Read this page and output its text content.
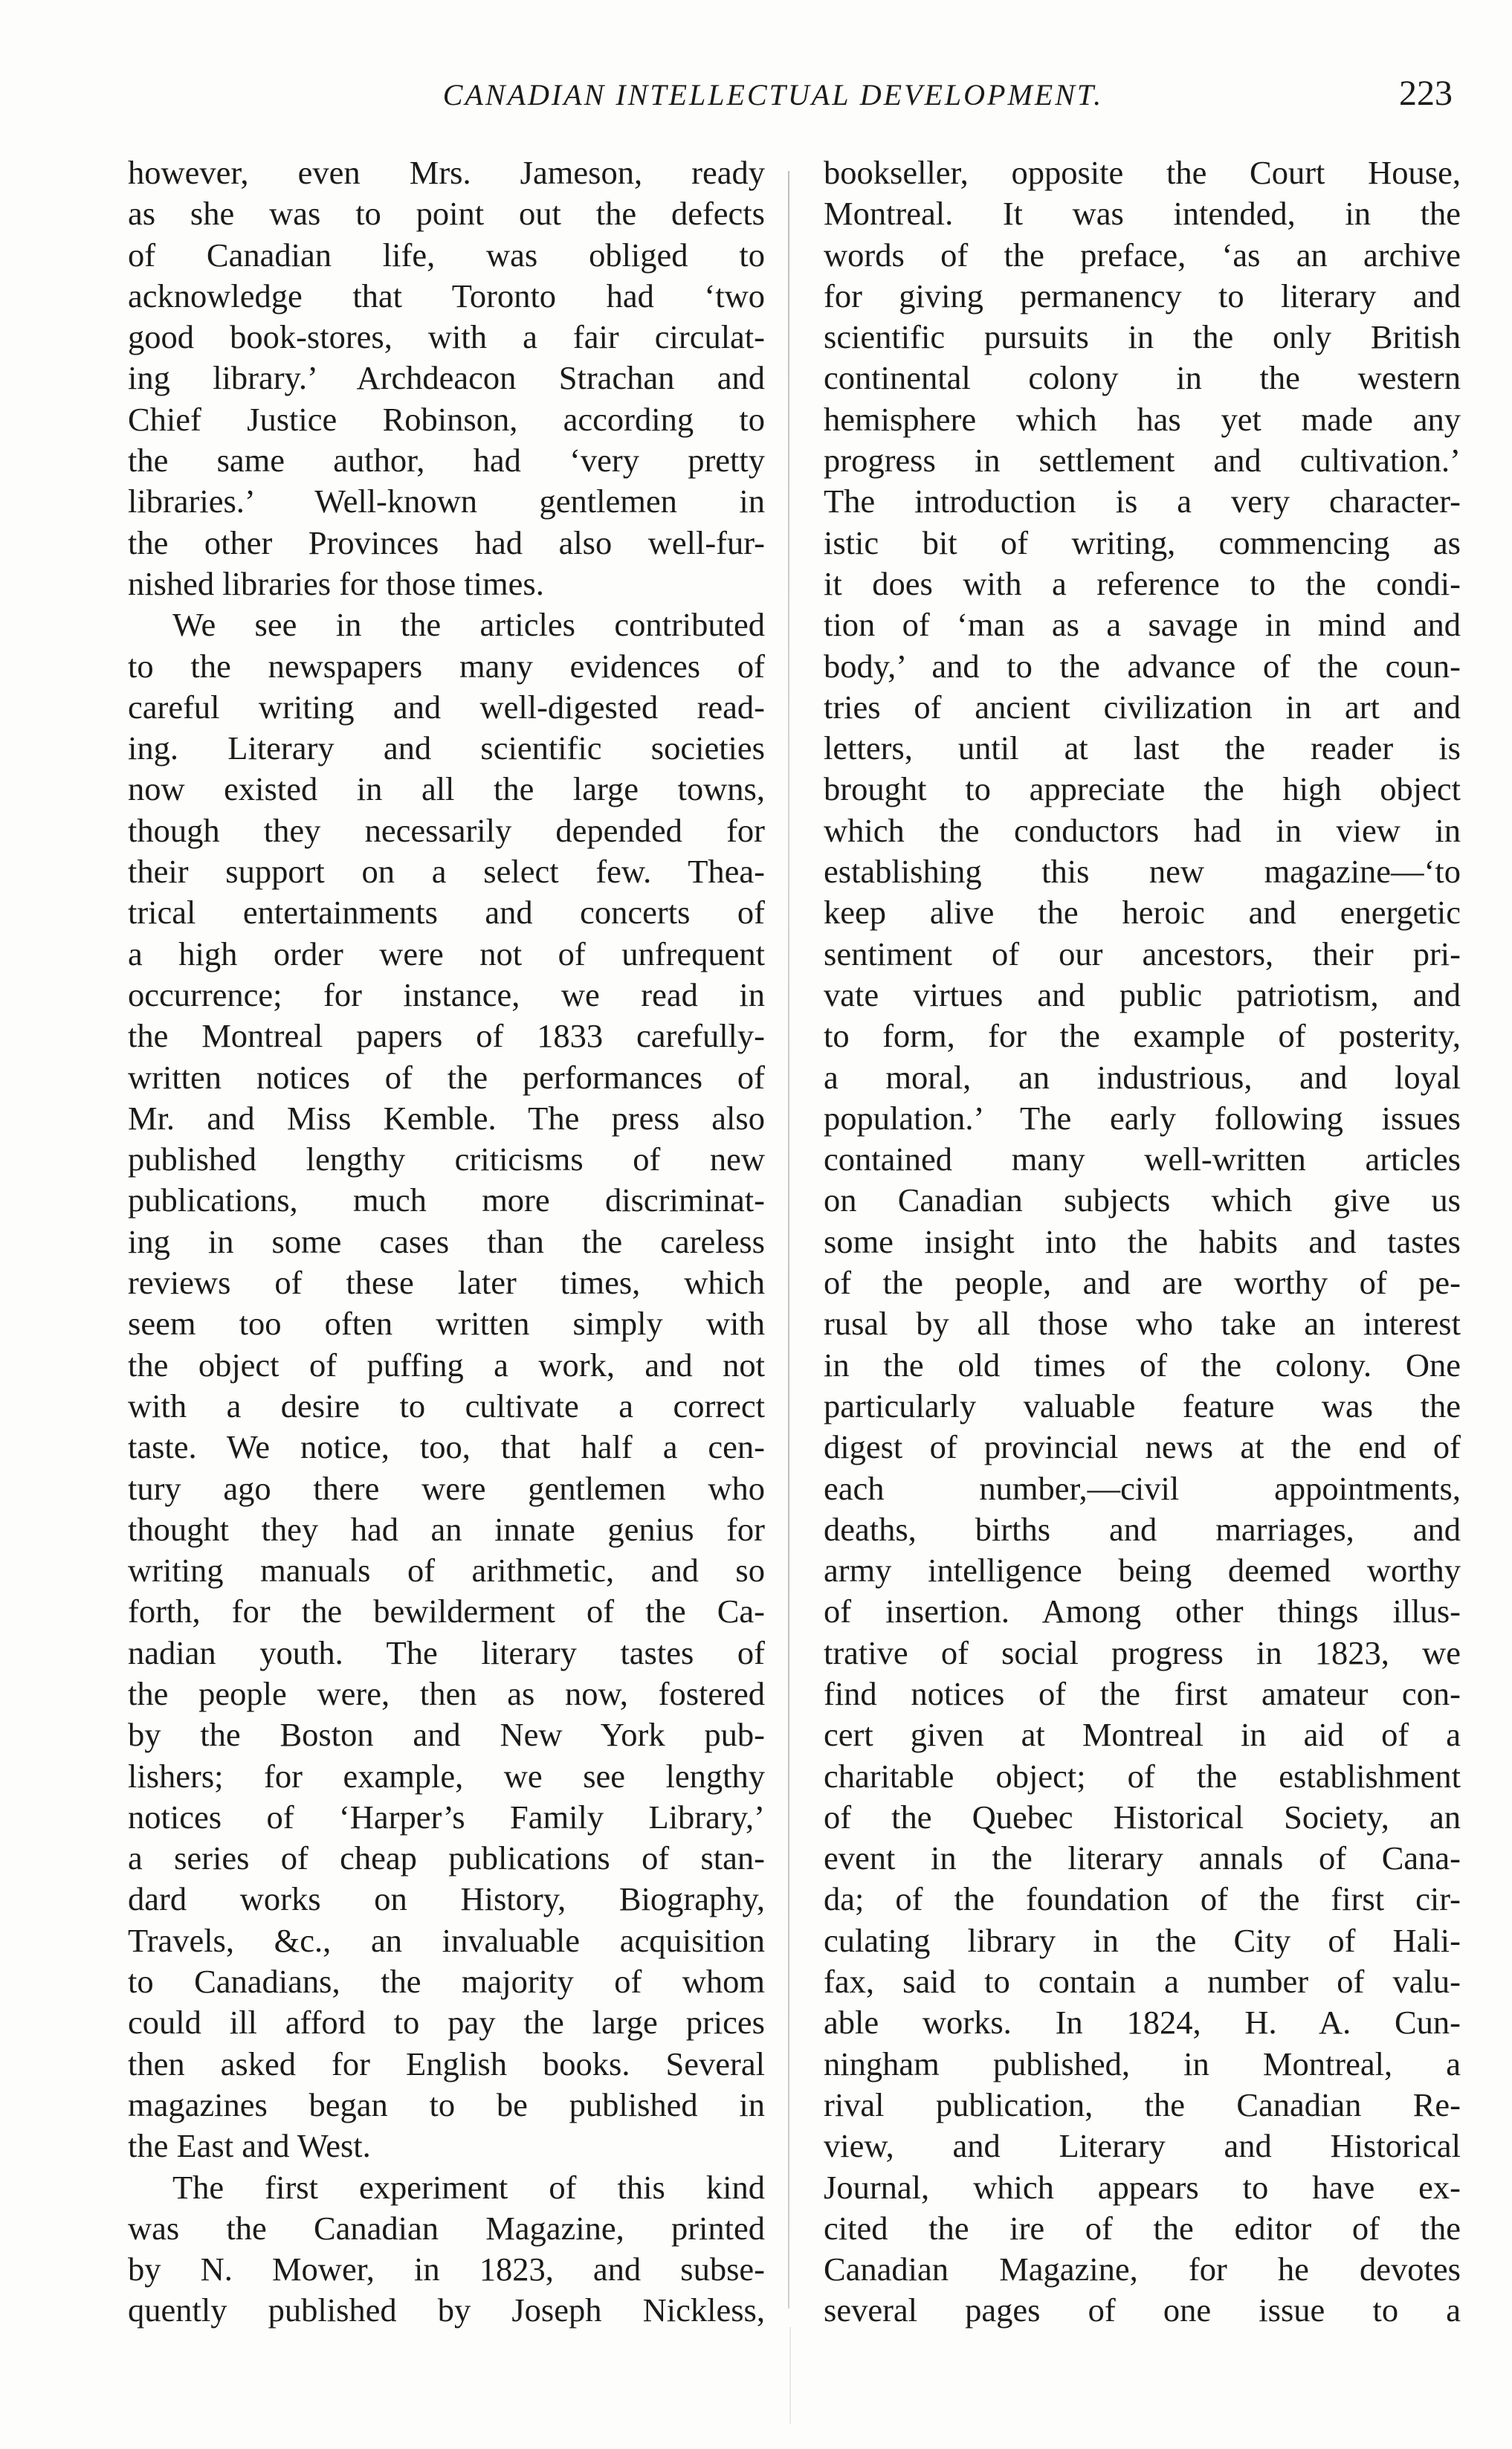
CANADIAN INTELLECTUAL DEVELOPMENT.	223

however, even Mrs. Jameson, ready
as she was to point out the defects
of Canadian life, was obliged to
acknowledge that Toronto had ‘two
good book-stores, with a fair circulat-
ing library.’ Archdeacon Strachan and
Chief Justice Robinson, according to
the same author, had ‘very pretty
libraries.’ Well-known gentlemen in
the other Provinces had also well-fur-
nished libraries for those times.

We see in the articles contributed
to the newspapers many evidences of
careful writing and well-digested read-
ing. Literary and scientific societies
now existed in all the large towns,
though they necessarily depended for
their support on a select few. Thea-
trical entertainments and concerts of
a high order were not of unfrequent
occurrence; for instance, we read in
the Montreal papers of 1833 carefully-
written notices of the performances of
Mr. and Miss Kemble. The press also
published lengthy criticisms of new
publications, much more discriminat-
ing in some cases than the careless
reviews of these later times, which
seem too often written simply with
the object of puffing a work, and not
with a desire to cultivate a correct
taste. We notice, too, that half a cen-
tury ago there were gentlemen who
thought they had an innate genius for
writing manuals of arithmetic, and so
forth, for the bewilderment of the Ca-
nadian youth. The literary tastes of
the people were, then as now, fostered
by the Boston and New York pub-
lishers; for example, we see lengthy
notices of ‘Harper’s Family Library,’
a series of cheap publications of stan-
dard works on History, Biography,
Travels, &c., an invaluable acquisition
to Canadians, the majority of whom
could ill afford to pay the large prices
then asked for English books. Several
magazines began to be published in
the East and West.

The first experiment of this kind
was the Canadian Magazine, printed
by N. Mower, in 1823, and subse-
quently published by Joseph Nickless,

bookseller, opposite the Court House,
Montreal. It was intended, in the
words of the preface, ‘as an archive
for giving permanency to literary and
scientific pursuits in the only British
continental colony in the western
hemisphere which has yet made any
progress in settlement and cultivation.’
The introduction is a very character-
istic bit of writing, commencing as
it does with a reference to the condi-
tion of ‘man as a savage in mind and
body,’ and to the advance of the coun-
tries of ancient civilization in art and
letters, until at last the reader is
brought to appreciate the high object
which the conductors had in view in
establishing this new magazine—‘to
keep alive the heroic and energetic
sentiment of our ancestors, their pri-
vate virtues and public patriotism, and
to form, for the example of posterity,
a moral, an industrious, and loyal
population.’ The early following issues
contained many well-written articles
on Canadian subjects which give us
some insight into the habits and tastes
of the people, and are worthy of pe-
rusal by all those who take an interest
in the old times of the colony. One
particularly valuable feature was the
digest of provincial news at the end of
each number,—civil appointments,
deaths, births and marriages, and
army intelligence being deemed worthy
of insertion. Among other things illus-
trative of social progress in 1823, we
find notices of the first amateur con-
cert given at Montreal in aid of a
charitable object; of the establishment
of the Quebec Historical Society, an
event in the literary annals of Cana-
da; of the foundation of the first cir-
culating library in the City of Hali-
fax, said to contain a number of valu-
able works. In 1824, H. A. Cun-
ningham published, in Montreal, a
rival publication, the Canadian Re-
view, and Literary and Historical
Journal, which appears to have ex-
cited the ire of the editor of the
Canadian Magazine, for he devotes
several pages of one issue to a
